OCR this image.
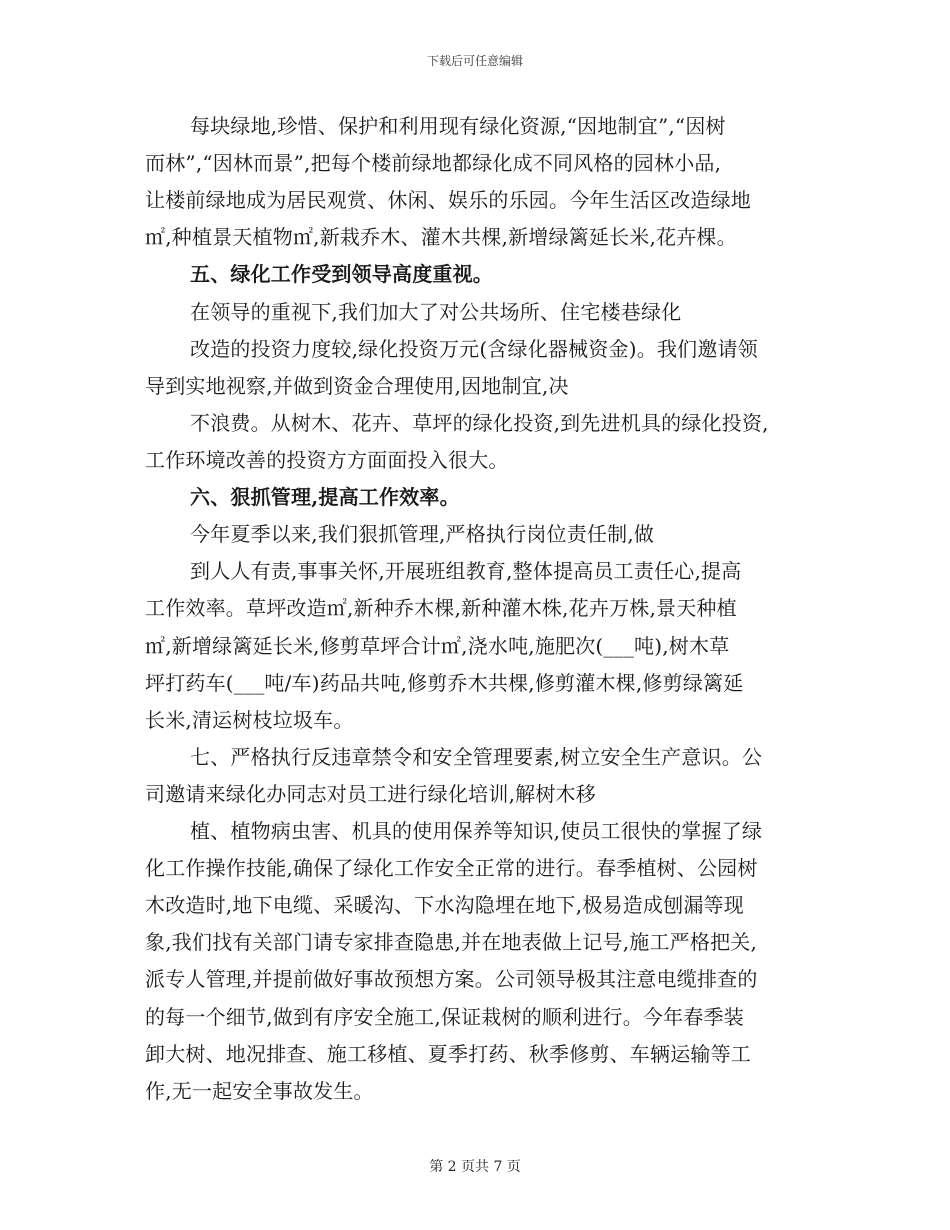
下载后可任意编辑
每块绿地,珍惜、保护和利用现有绿化资源,“因地制宜”,“因树
而林”,“因林而景”,把每个楼前绿地都绿化成不同风格的园林小品,
让楼前绿地成为居民观赏、休闲、娱乐的乐园。今年生活区改造绿地
㎡,种植景天植物㎡,新栽乔木、灌木共棵,新增绿篱延长米,花卉棵。
五、绿化工作受到领导高度重视。
在领导的重视下,我们加大了对公共场所、住宅楼巷绿化
改造的投资力度较,绿化投资万元(含绿化器械资金)。我们邀请领
导到实地视察,并做到资金合理使用,因地制宜,决
不浪费。从树木、花卉、草坪的绿化投资,到先进机具的绿化投资,
工作环境改善的投资方方面面投入很大。
六、狠抓管理,提高工作效率。
今年夏季以来,我们狠抓管理,严格执行岗位责任制,做
到人人有责,事事关怀,开展班组教育,整体提高员工责任心,提高
工作效率。草坪改造㎡,新种乔木棵,新种灌木株,花卉万株,景天种植
㎡,新增绿篱延长米,修剪草坪合计㎡,浇水吨,施肥次(___吨),树木草
坪打药车(___吨/车)药品共吨,修剪乔木共棵,修剪灌木棵,修剪绿篱延
长米,清运树枝垃圾车。
七、严格执行反违章禁令和安全管理要素,树立安全生产意识。公
司邀请来绿化办同志对员工进行绿化培训,解树木移
植、植物病虫害、机具的使用保养等知识,使员工很快的掌握了绿
化工作操作技能,确保了绿化工作安全正常的进行。春季植树、公园树
木改造时,地下电缆、采暖沟、下水沟隐埋在地下,极易造成刨漏等现
象,我们找有关部门请专家排查隐患,并在地表做上记号,施工严格把关,
派专人管理,并提前做好事故预想方案。公司领导极其注意电缆排查的
的每一个细节,做到有序安全施工,保证栽树的顺利进行。今年春季装
卸大树、地况排查、施工移植、夏季打药、秋季修剪、车辆运输等工
作,无一起安全事故发生。
第 2 页共 7 页
